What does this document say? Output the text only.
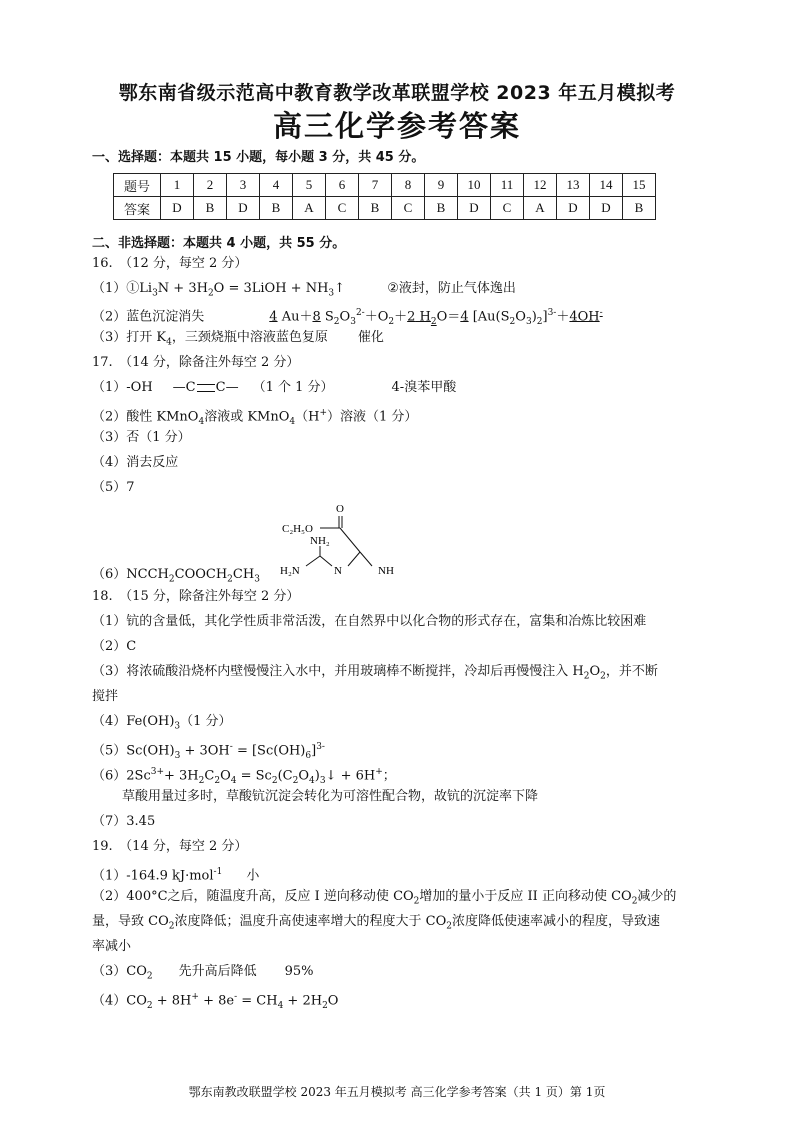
鄂东南省级示范高中教育教学改革联盟学校 2023 年五月模拟考
高三化学参考答案
一、选择题：本题共 15 小题，每小题 3 分，共 45 分。
题号	1	2	3	4	5	6	7	8	9	10	11	12	13	14	15
答案	D	B	D	B	A	C	B	C	B	D	C	A	D	D	B
二、非选择题：本题共 4 小题，共 55 分。
16.　（12 分，每空 2 分）
$(1)①Li_3N + 3H_2O$ = 3LiOH + $NH_3↑$	②液封，防止气体逸出
（2）蓝色沉淀消失	4 Au＋8 $S_2O_3^{2-}+O_2+2$ $H_2O=4$ $[Au(S_2O_3)_2]^{3-}+4OH^-$
（3）打开 $K_4$，三颈烧瓶中溶液蓝色复原 催化
17.　（14 分，除备注外每空 2 分）
（1）-OH —C C— （1 个 1 分）	4-溴苯甲酸
（2）酸性 KMnO$_4$溶液或 KMnO$_4$（H+）溶液（1 分）
（3）否（1 分）
（4）消去反应
（5）7
O
C₂H₅O
NH₂
H₂N	N	NH
$(6)NCCH_2COOCH_2CH_3$
18.　（15 分，除备注外每空 2 分）
（1）钪的含量低，其化学性质非常活泼，在自然界中以化合物的形式存在，富集和冶炼比较困难
（2）C
（3）将浓硫酸沿烧杯内壁慢慢注入水中，并用玻璃棒不断搅拌，冷却后再慢慢注入 $H_2O_2$，并不断
搅拌
$(4)Fe(OH)_3(1$ 分）
$(5)Sc(OH)_3 + 3OH^- = [Sc(OH)_6]^{3-}$
$(6)2Sc^{3+}+ 3H_2C_2O_4$ = $Sc_2(C_2O_4)_3↓ + 6H^+$；
草酸用量过多时，草酸钪沉淀会转化为可溶性配合物，故钪的沉淀率下降
（7）3.45
19.　（14 分，每空 2 分）
（1）-164.9 kJ·mol$^{-1}$ 小
（2）400°C之后，随温度升高，反应 I 逆向移动使 $CO_2$增加的量小于反应 II 正向移动使 $CO_2$减少的
量，导致 $CO_2$浓度降低；温度升高使速率增大的程度大于 $CO_2$浓度降低使速率减小的程度，导致速
率减小
$(3)CO_2$ 先升高后降低 95%
$(4)CO_2 + 8H^+ + 8e^- = CH_4 + 2H_2O$
鄂东南教改联盟学校 2023 年五月模拟考 高三化学参考答案（共 1 页）第 1页
